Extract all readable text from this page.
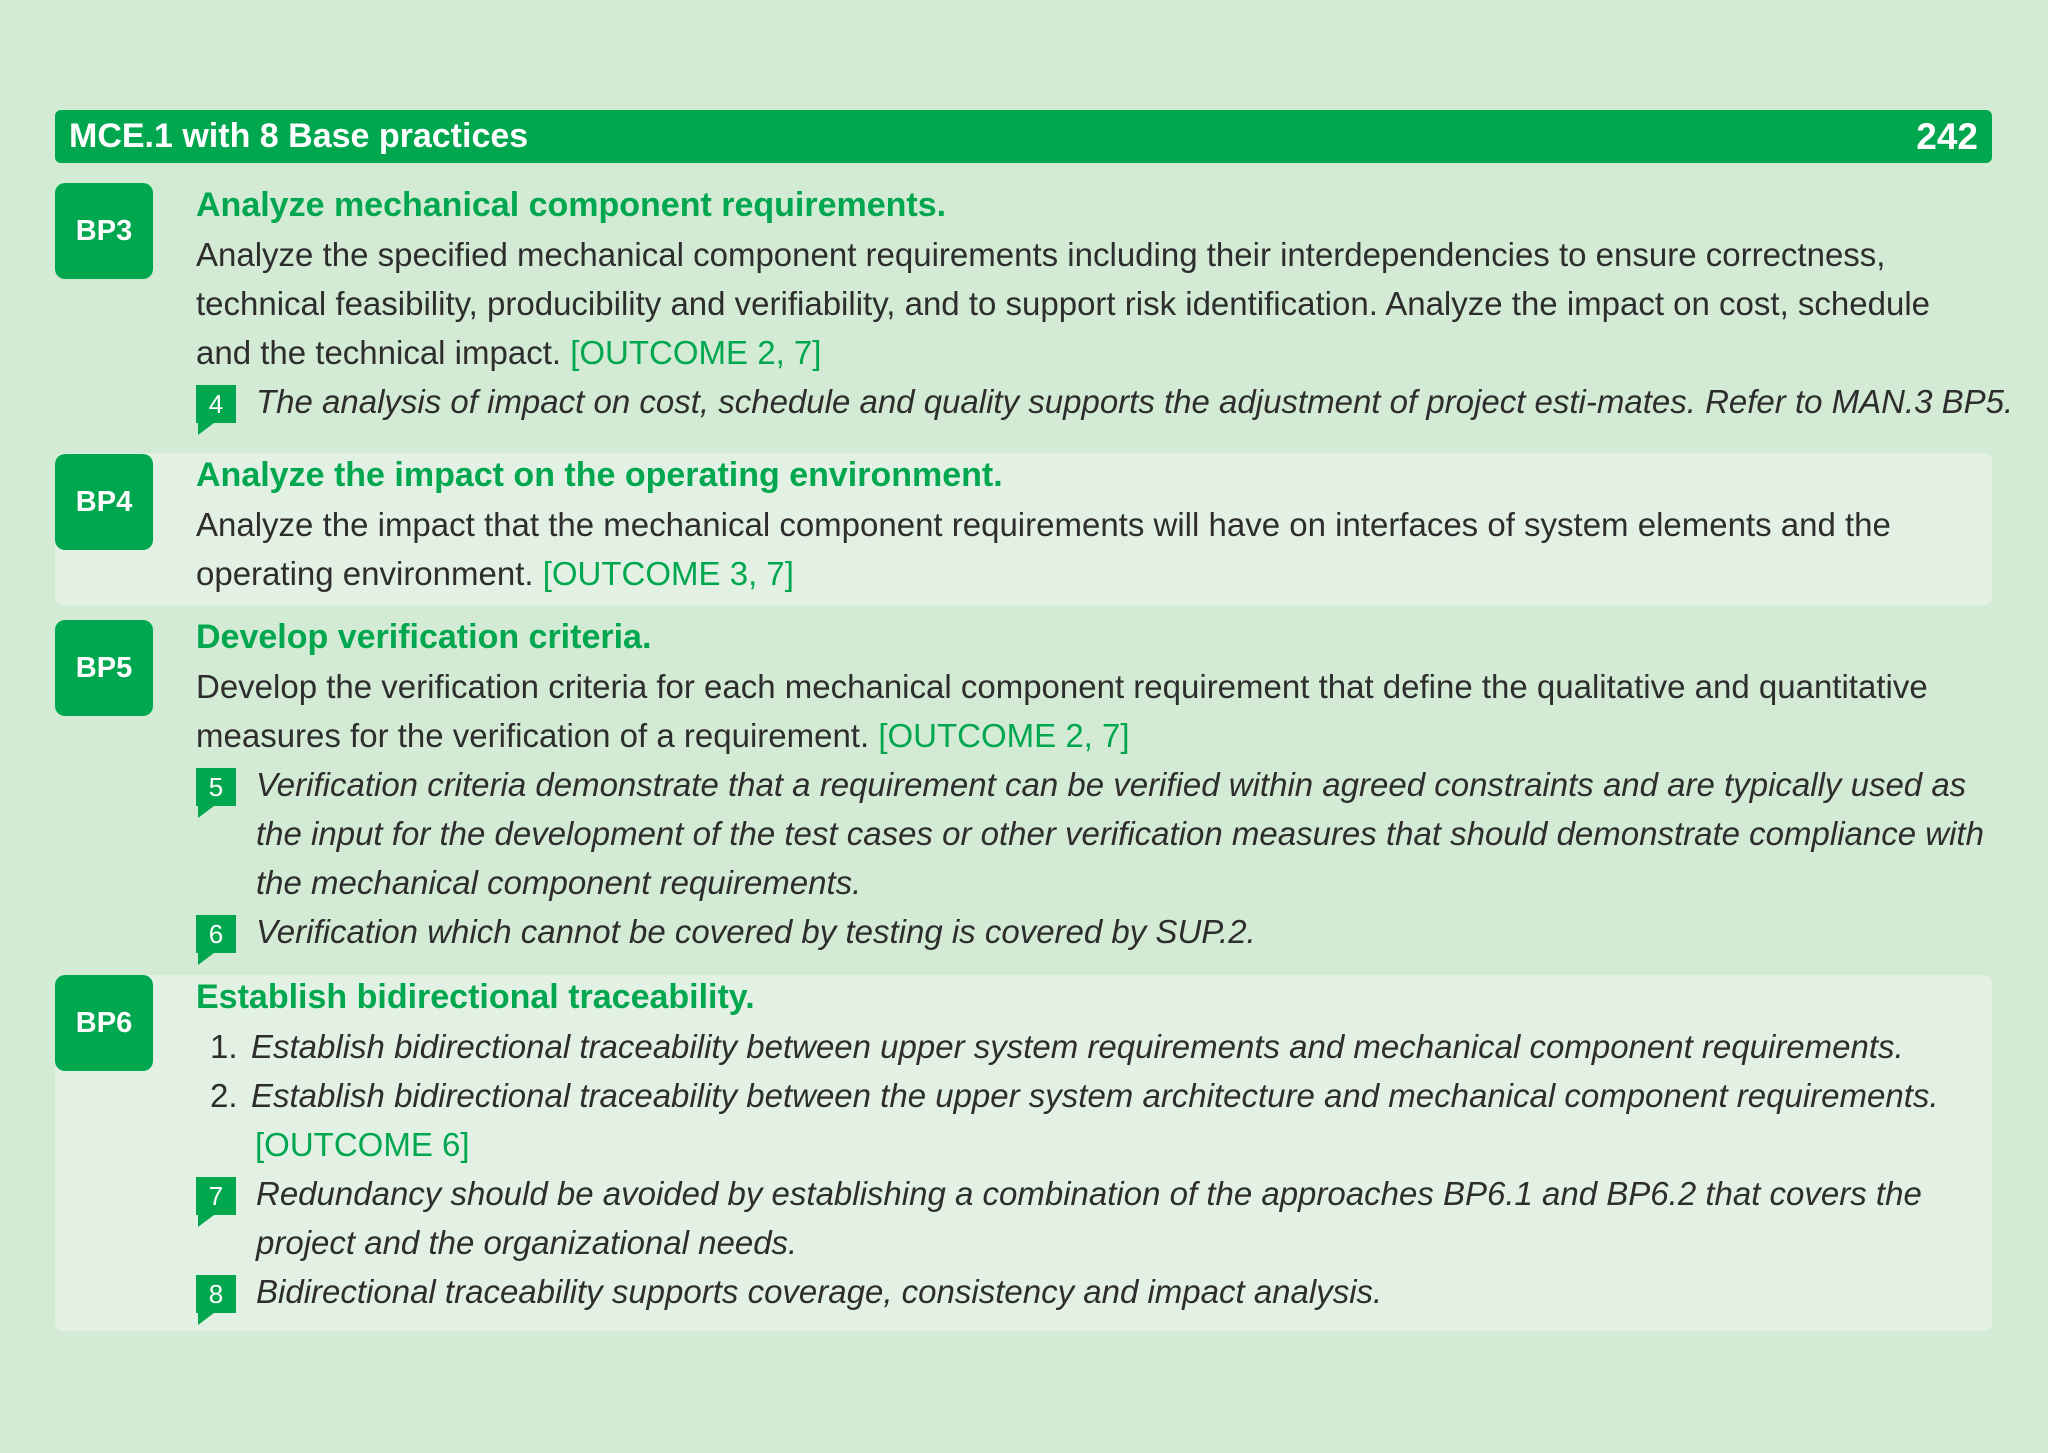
MCE.1 with 8 Base practices	242
BP3
Analyze mechanical component requirements.
Analyze the specified mechanical component requirements including their interdependencies to ensure correctness,
technical feasibility, producibility and verifiability, and to support risk identification. Analyze the impact on cost, schedule
and the technical impact. [OUTCOME 2, 7]
4 The analysis of impact on cost, schedule and quality supports the adjustment of project esti-mates. Refer to MAN.3 BP5.
BP4
Analyze the impact on the operating environment.
Analyze the impact that the mechanical component requirements will have on interfaces of system elements and the
operating environment. [OUTCOME 3, 7]
BP5
Develop verification criteria.
Develop the verification criteria for each mechanical component requirement that define the qualitative and quantitative
measures for the verification of a requirement. [OUTCOME 2, 7]
5 Verification criteria demonstrate that a requirement can be verified within agreed constraints and are typically used as
the input for the development of the test cases or other verification measures that should demonstrate compliance with
the mechanical component requirements.
6 Verification which cannot be covered by testing is covered by SUP.2.
BP6
Establish bidirectional traceability.
1. Establish bidirectional traceability between upper system requirements and mechanical component requirements.
2. Establish bidirectional traceability between the upper system architecture and mechanical component requirements.
[OUTCOME 6]
7 Redundancy should be avoided by establishing a combination of the approaches BP6.1 and BP6.2 that covers the
project and the organizational needs.
8 Bidirectional traceability supports coverage, consistency and impact analysis.
